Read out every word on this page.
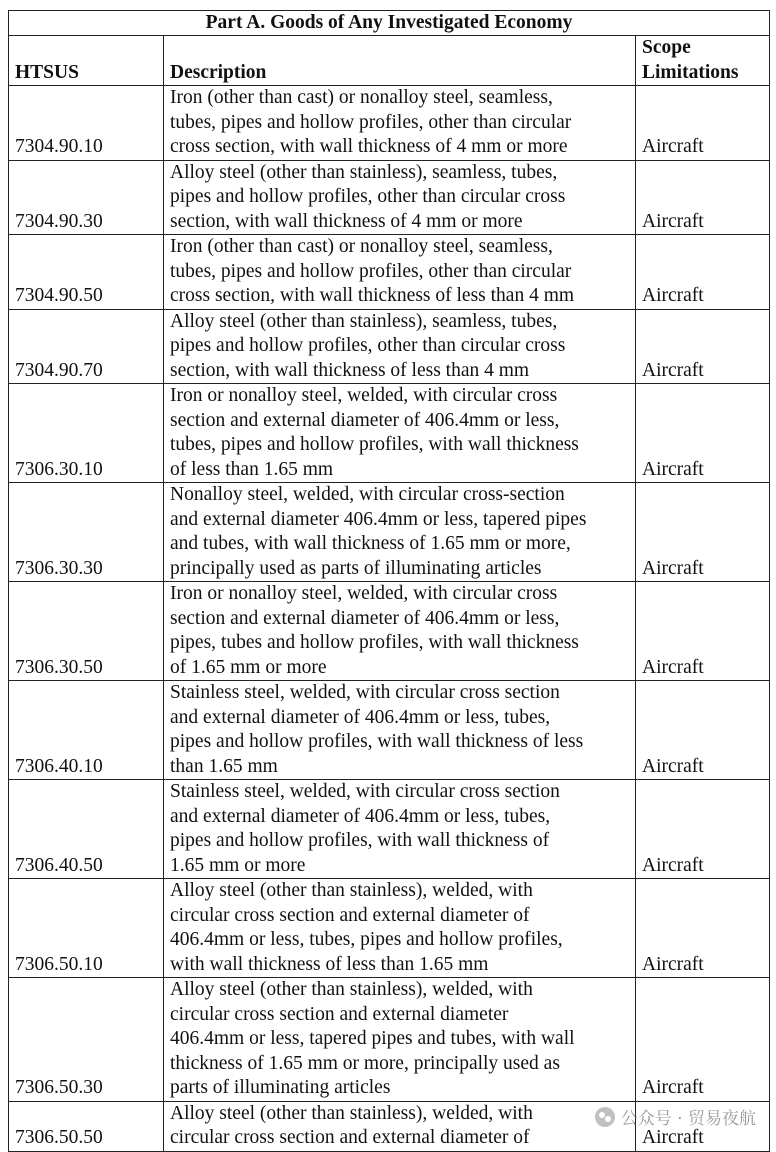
Part A. Goods of Any Investigated Economy		
HTSUS	Description	Scope
Limitations
7304.90.10	Iron (other than cast) or nonalloy steel, seamless,
tubes, pipes and hollow profiles, other than circular
cross section, with wall thickness of 4 mm or more	Aircraft
7304.90.30	Alloy steel (other than stainless), seamless, tubes,
pipes and hollow profiles, other than circular cross
section, with wall thickness of 4 mm or more	Aircraft
7304.90.50	Iron (other than cast) or nonalloy steel, seamless,
tubes, pipes and hollow profiles, other than circular
cross section, with wall thickness of less than 4 mm	Aircraft
7304.90.70	Alloy steel (other than stainless), seamless, tubes,
pipes and hollow profiles, other than circular cross
section, with wall thickness of less than 4 mm	Aircraft
7306.30.10	Iron or nonalloy steel, welded, with circular cross
section and external diameter of 406.4mm or less,
tubes, pipes and hollow profiles, with wall thickness
of less than 1.65 mm	Aircraft
7306.30.30	Nonalloy steel, welded, with circular cross-section
and external diameter 406.4mm or less, tapered pipes
and tubes, with wall thickness of 1.65 mm or more,
principally used as parts of illuminating articles	Aircraft
7306.30.50	Iron or nonalloy steel, welded, with circular cross
section and external diameter of 406.4mm or less,
pipes, tubes and hollow profiles, with wall thickness
of 1.65 mm or more	Aircraft
7306.40.10	Stainless steel, welded, with circular cross section
and external diameter of 406.4mm or less, tubes,
pipes and hollow profiles, with wall thickness of less
than 1.65 mm	Aircraft
7306.40.50	Stainless steel, welded, with circular cross section
and external diameter of 406.4mm or less, tubes,
pipes and hollow profiles, with wall thickness of
1.65 mm or more	Aircraft
7306.50.10	Alloy steel (other than stainless), welded, with
circular cross section and external diameter of
406.4mm or less, tubes, pipes and hollow profiles,
with wall thickness of less than 1.65 mm	Aircraft
7306.50.30	Alloy steel (other than stainless), welded, with
circular cross section and external diameter
406.4mm or less, tapered pipes and tubes, with wall
thickness of 1.65 mm or more, principally used as
parts of illuminating articles	Aircraft
7306.50.50	Alloy steel (other than stainless), welded, with
circular cross section and external diameter of	Aircraft
公众号 · 贸易夜航
